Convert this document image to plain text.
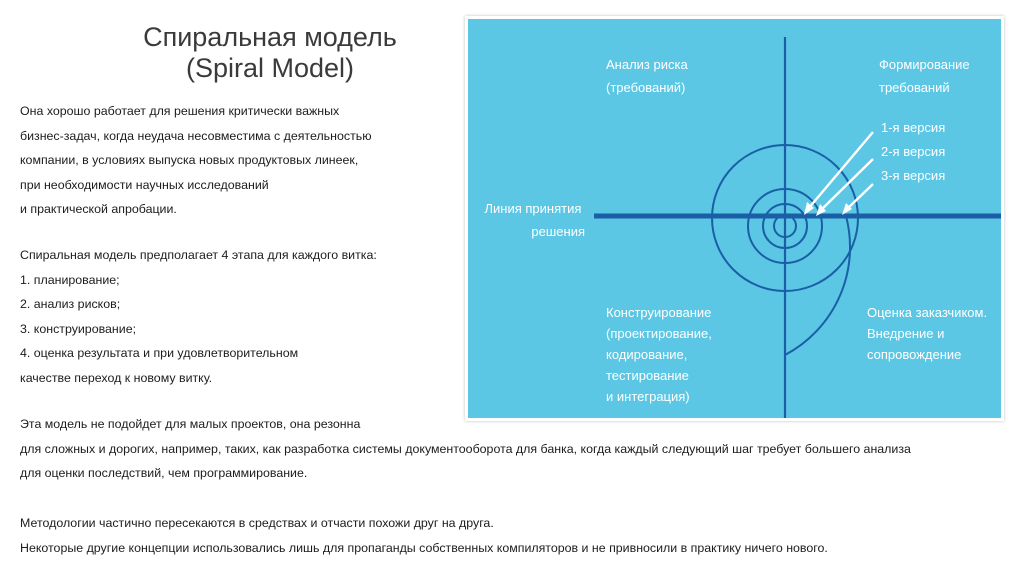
Спиральная модель
(Spiral Model)
Она хорошо работает для решения критически важных
бизнес-задач, когда неудача несовместима с деятельностью
компании, в условиях выпуска новых продуктовых линеек,
при необходимости научных исследований
и практической апробации.
Спиральная модель предполагает 4 этапа для каждого витка:
1. планирование;
2. анализ рисков;
3. конструирование;
4. оценка результата и при удовлетворительном
качестве переход к новому витку.
Эта модель не подойдет для малых проектов, она резонна
для сложных и дорогих, например, таких, как разработка системы документооборота для банка, когда каждый следующий шаг требует большего анализа
для оценки последствий, чем программирование.
Методологии частично пересекаются в средствах и отчасти похожи друг на друга.
Некоторые другие концепции использовались лишь для пропаганды собственных компиляторов и не привносили в практику ничего нового.
Анализ риска (требований)
Формирование требований
Линия принятия решения
1-я версия
2-я версия
3-я версия
Конструирование (проектирование, кодирование, тестирование и интеграция)
Оценка заказчиком. Внедрение и сопровождение
